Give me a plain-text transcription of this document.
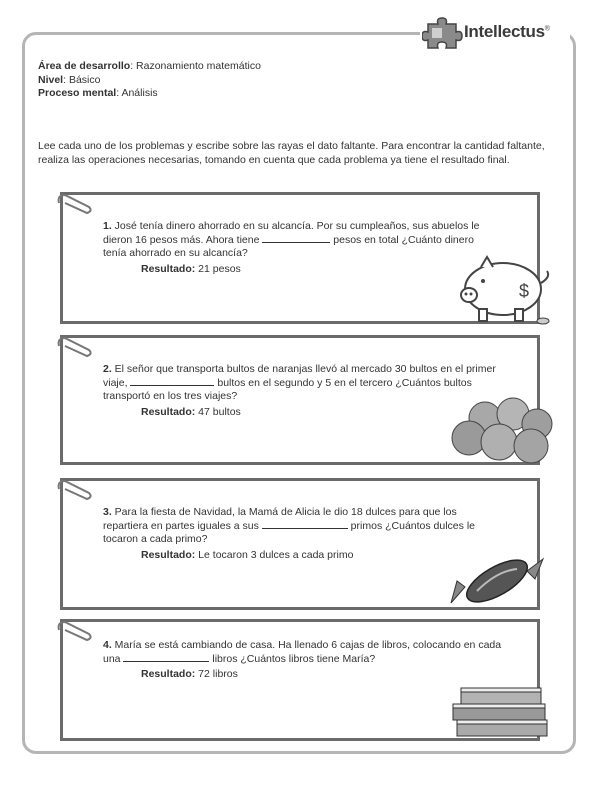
Intellectus®
Área de desarrollo: Razonamiento matemático
Nivel: Básico
Proceso mental: Análisis
Lee cada uno de los problemas y escribe sobre las rayas el dato faltante. Para encontrar la cantidad faltante, realiza las operaciones necesarias, tomando en cuenta que cada problema ya tiene el resultado final.
1. José tenía dinero ahorrado en su alcancía. Por su cumpleaños, sus abuelos le dieron 16 pesos más. Ahora tiene	pesos en total ¿Cuánto dinero tenía ahorrado en su alcancía?
Resultado: 21 pesos
$
2. El señor que transporta bultos de naranjas llevó al mercado 30 bultos en el primer viaje,	bultos en el segundo y 5 en el tercero ¿Cuántos bultos transportó en los tres viajes?
Resultado: 47 bultos
3. Para la fiesta de Navidad, la Mamá de Alicia le dio 18 dulces para que los repartiera en partes iguales a sus	primos ¿Cuántos dulces le tocaron a cada primo?
Resultado: Le tocaron 3 dulces a cada primo
4. María se está cambiando de casa. Ha llenado 6 cajas de libros, colocando en cada una	libros ¿Cuántos libros tiene María?
Resultado: 72 libros
